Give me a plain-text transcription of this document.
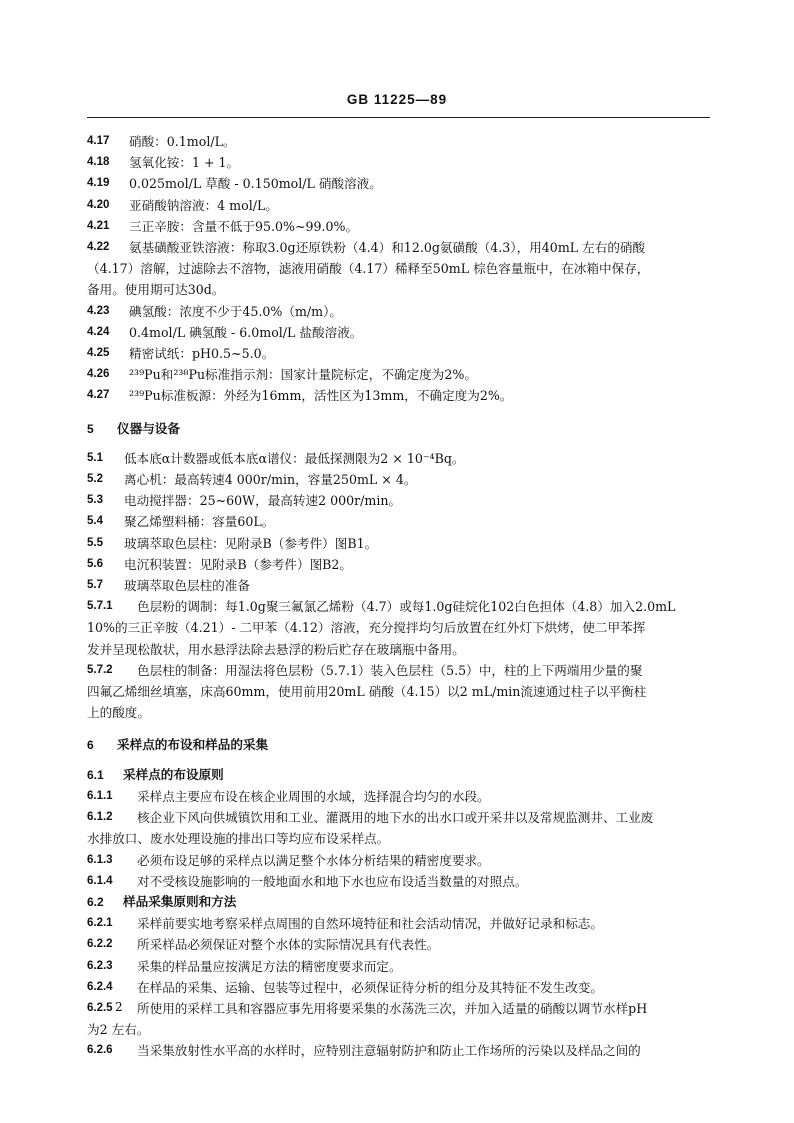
GB 11225—89
4.17	硝酸：0.1mol/L。
4.18	氢氧化铵：1 + 1。
4.19	0.025mol/L 草酸 - 0.150mol/L 硝酸溶液。
4.20	亚硝酸钠溶液：4 mol/L。
4.21	三正辛胺：含量不低于95.0%~99.0%。
4.22	氨基磺酸亚铁溶液：称取3.0g还原铁粉（4.4）和12.0g氨磺酸（4.3），用40mL 左右的硝酸
（4.17）溶解，过滤除去不溶物，滤液用硝酸（4.17）稀释至50mL 棕色容量瓶中，在冰箱中保存，
备用。使用期可达30d。
4.23	碘氢酸：浓度不少于45.0%（m/m）。
4.24	0.4mol/L 碘氢酸 - 6.0mol/L 盐酸溶液。
4.25	精密试纸：pH0.5~5.0。
4.26	²³⁹Pu和²³⁸Pu标准指示剂：国家计量院标定，不确定度为2%。
4.27	²³⁹Pu标准板源：外经为16mm，活性区为13mm，不确定度为2%。
5 仪器与设备
5.1	低本底α计数器或低本底α谱仪：最低探测限为2 × 10⁻⁴Bq。
5.2	离心机：最高转速4 000r/min，容量250mL × 4。
5.3	电动搅拌器：25~60W，最高转速2 000r/min。
5.4	聚乙烯塑料桶：容量60L。
5.5	玻璃萃取色层柱：见附录B（参考件）图B1。
5.6	电沉积装置：见附录B（参考件）图B2。
5.7	玻璃萃取色层柱的准备
5.7.1	色层粉的调制：每1.0g聚三氟氯乙烯粉（4.7）或每1.0g硅烷化102白色担体（4.8）加入2.0mL
10%的三正辛胺（4.21）- 二甲苯（4.12）溶液，充分搅拌均匀后放置在红外灯下烘烤，使二甲苯挥
发并呈现松散状，用水悬浮法除去悬浮的粉后贮存在玻璃瓶中备用。
5.7.2	色层柱的制备：用湿法将色层粉（5.7.1）装入色层柱（5.5）中，柱的上下两端用少量的聚
四氟乙烯细丝填塞，床高60mm，使用前用20mL 硝酸（4.15）以2 mL/min流速通过柱子以平衡柱
上的酸度。
6 采样点的布设和样品的采集
6.1 采样点的布设原则
6.1.1	采样点主要应布设在核企业周围的水域，选择混合均匀的水段。
6.1.2	核企业下风向供城镇饮用和工业、灌溉用的地下水的出水口或开采井以及常规监测井、工业废
水排放口、废水处理设施的排出口等均应布设采样点。
6.1.3	必须布设足够的采样点以满足整个水体分析结果的精密度要求。
6.1.4	对不受核设施影响的一般地面水和地下水也应布设适当数量的对照点。
6.2 样品采集原则和方法
6.2.1	采样前要实地考察采样点周围的自然环境特征和社会活动情况，并做好记录和标志。
6.2.2	所采样品必须保证对整个水体的实际情况具有代表性。
6.2.3	采集的样品量应按满足方法的精密度要求而定。
6.2.4	在样品的采集、运输、包装等过程中，必须保证待分析的组分及其特征不发生改变。
6.2.5	所使用的采样工具和容器应事先用将要采集的水荡洗三次，并加入适量的硝酸以调节水样pH
为2 左右。
6.2.6	当采集放射性水平高的水样时，应特别注意辐射防护和防止工作场所的污染以及样品之间的
2
